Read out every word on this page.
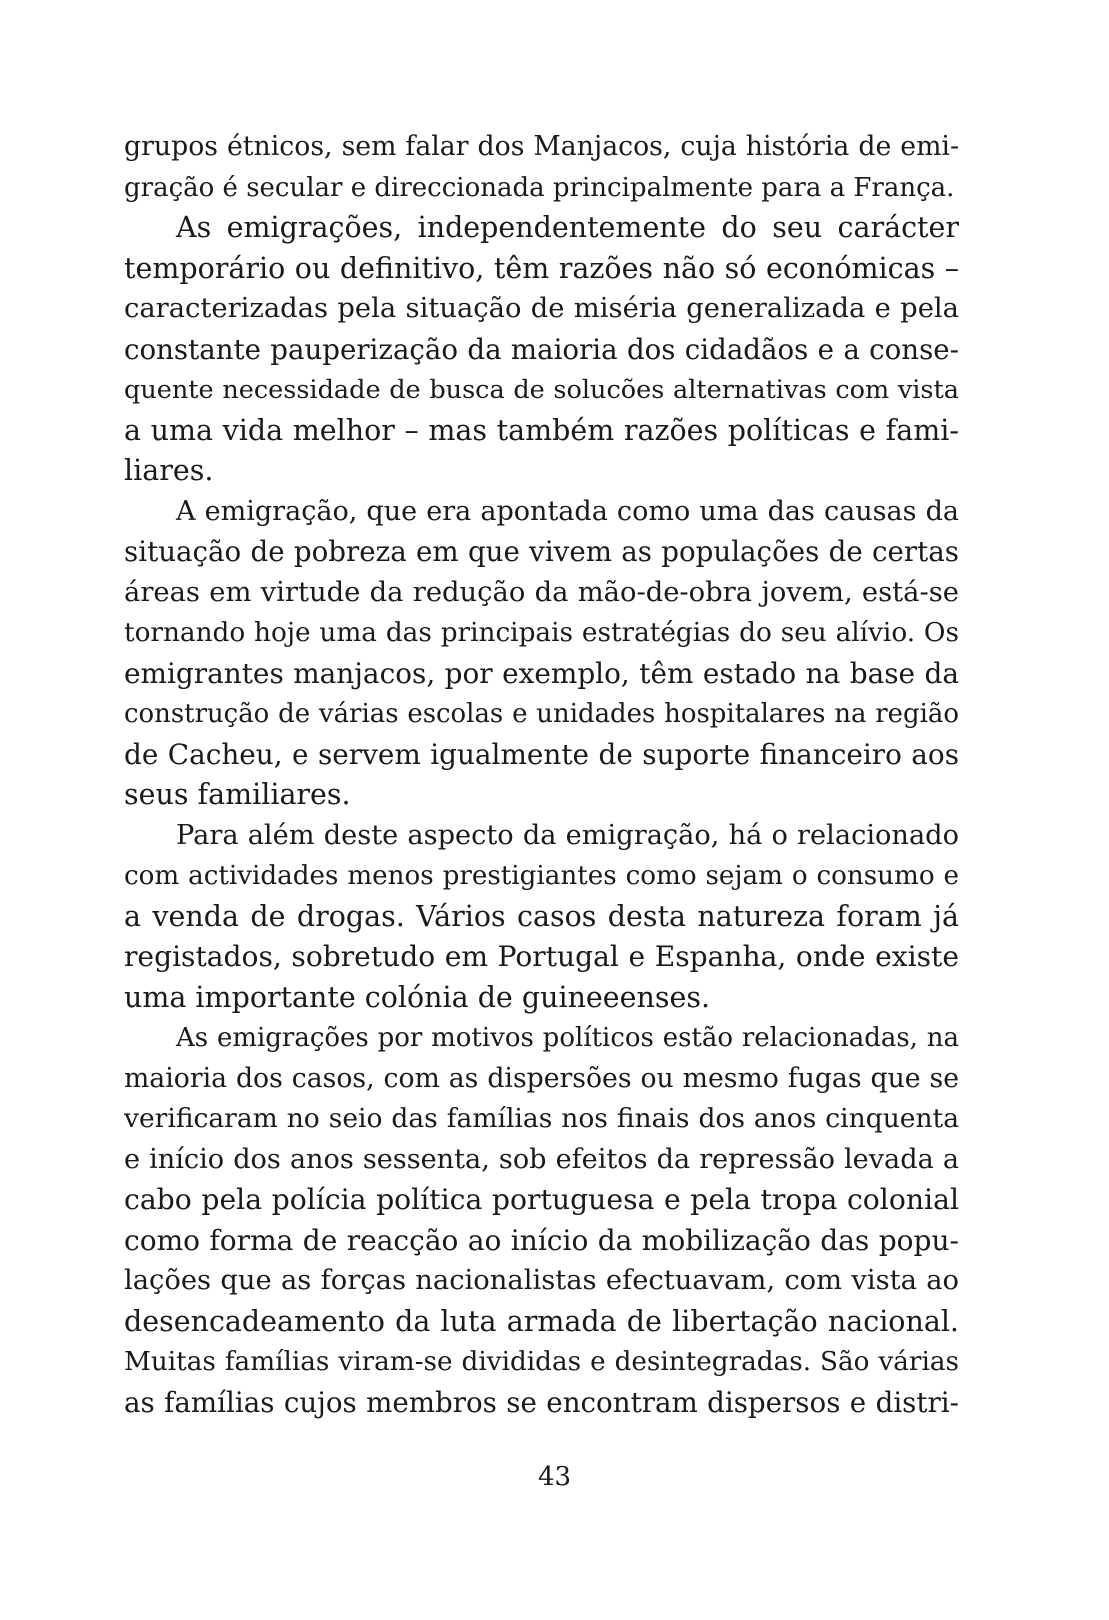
grupos étnicos, sem falar dos Manjacos, cuja história de emi-
gração é secular e direccionada principalmente para a França.
As emigrações, independentemente do seu carácter
temporário ou definitivo, têm razões não só económicas –
caracterizadas pela situação de miséria generalizada e pela
constante pauperização da maioria dos cidadãos e a conse-
quente necessidade de busca de solucões alternativas com vista
a uma vida melhor – mas também razões políticas e fami-
liares.
A emigração, que era apontada como uma das causas da
situação de pobreza em que vivem as populações de certas
áreas em virtude da redução da mão-de-obra jovem, está-se
tornando hoje uma das principais estratégias do seu alívio. Os
emigrantes manjacos, por exemplo, têm estado na base da
construção de várias escolas e unidades hospitalares na região
de Cacheu, e servem igualmente de suporte financeiro aos
seus familiares.
Para além deste aspecto da emigração, há o relacionado
com actividades menos prestigiantes como sejam o consumo e
a venda de drogas. Vários casos desta natureza foram já
registados, sobretudo em Portugal e Espanha, onde existe
uma importante colónia de guineeenses.
As emigrações por motivos políticos estão relacionadas, na
maioria dos casos, com as dispersões ou mesmo fugas que se
verificaram no seio das famílias nos finais dos anos cinquenta
e início dos anos sessenta, sob efeitos da repressão levada a
cabo pela polícia política portuguesa e pela tropa colonial
como forma de reacção ao início da mobilização das popu-
lações que as forças nacionalistas efectuavam, com vista ao
desencadeamento da luta armada de libertação nacional.
Muitas famílias viram-se divididas e desintegradas. São várias
as famílias cujos membros se encontram dispersos e distri-
43
